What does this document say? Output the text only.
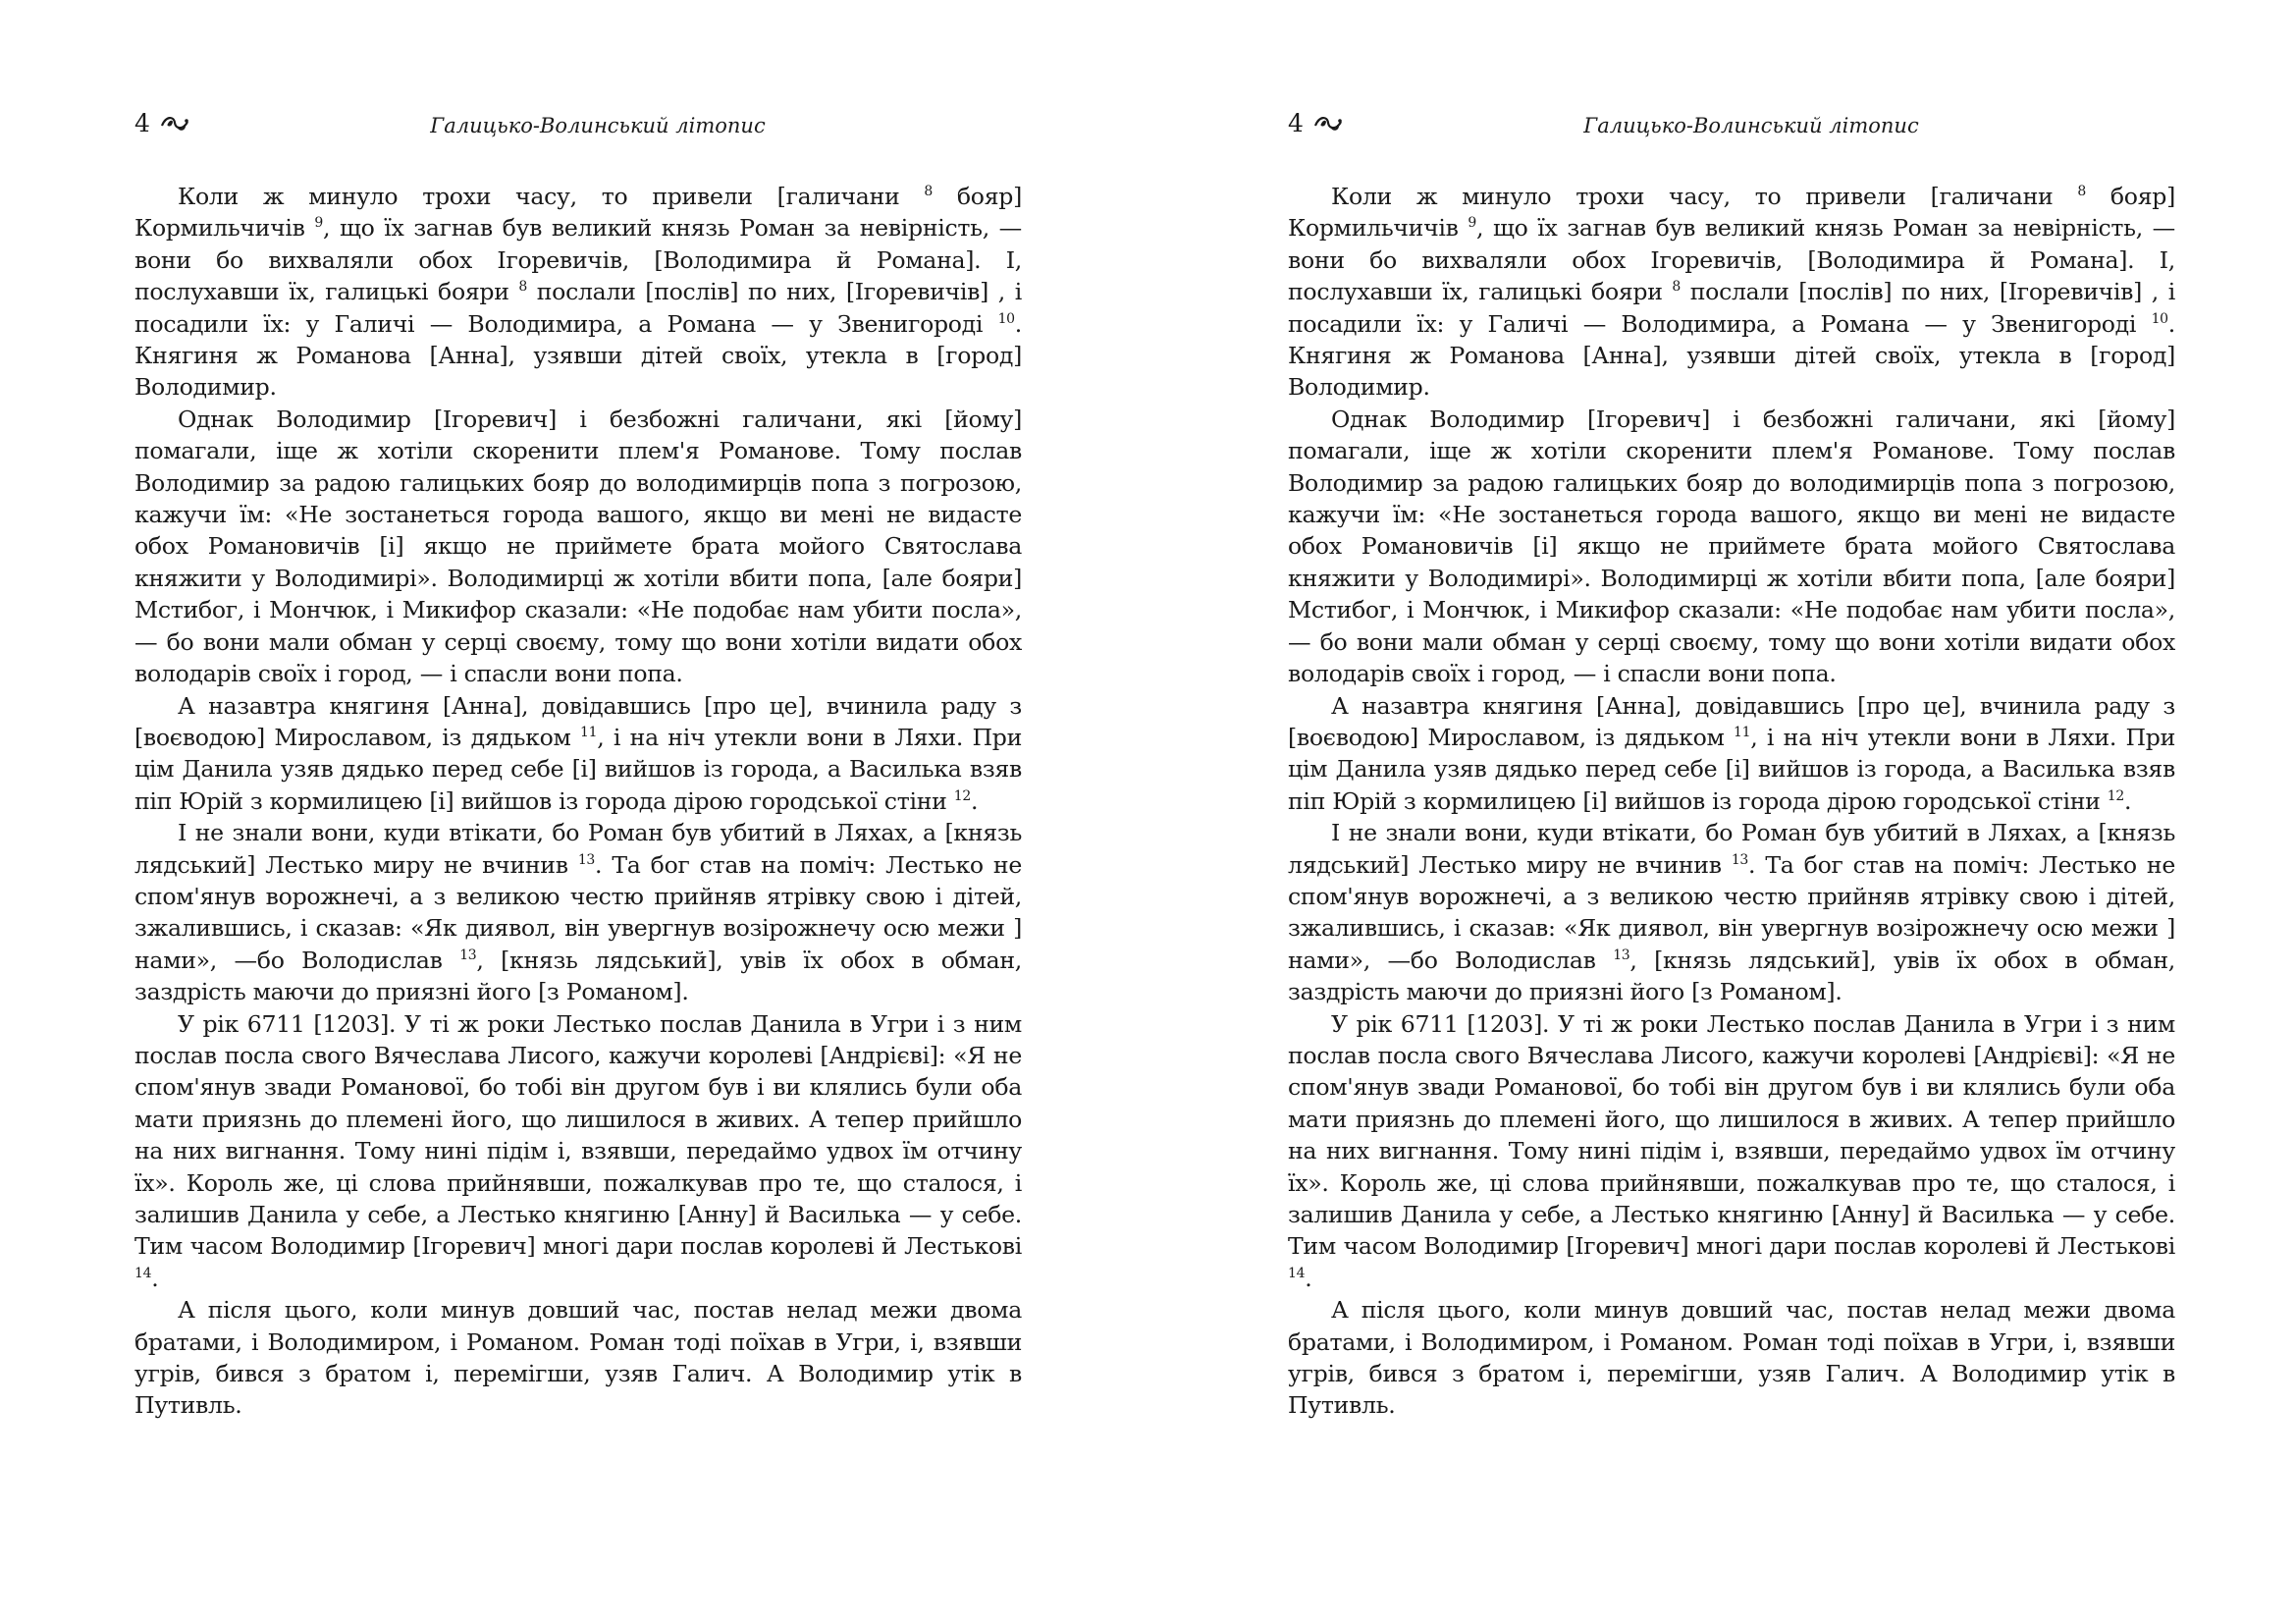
4	Галицько-Волинський літопис

Коли ж минуло трохи часу, то привели [галичани $^8$ бояр] Кормильчичів $^9$, що їх загнав був великий князь Роман за невірність, — вони бо вихваляли обох Ігоревичів, [Володимира й Романа]. І, послухавши їх, галицькі бояри $^8$ послали [послів] по них, [Ігоревичів] , і посадили їх: у Галичі — Володимира, а Романа — у Звенигороді $^{10}$. Княгиня ж Романова [Анна], узявши дітей своїх, утекла в [город] Володимир.

Однак Володимир [Ігоревич] і безбожні галичани, які [йому] помагали, іще ж хотіли скоренити плем'я Романове. Тому послав Володимир за радою галицьких бояр до володимирців попа з погрозою, кажучи їм: «Не зостанеться города вашого, якщо ви мені не видасте обох Романовичів [і] якщо не приймете брата мойого Святослава княжити у Володимирі». Володимирці ж хотіли вбити попа, [але бояри] Мстибог, і Мончюк, і Микифор сказали: «Не подобає нам убити посла», — бо вони мали обман у серці своєму, тому що вони хотіли видати обох володарів своїх і город, — і спасли вони попа.

А назавтра княгиня [Анна], довідавшись [про це], вчинила раду з [воєводою] Мирославом, із дядьком $^{11}$, і на ніч утекли вони в Ляхи. При цім Данила узяв дядько перед себе [і] вийшов із города, а Василька взяв піп Юрій з кормилицею [і] вийшов із города дірою городської стіни $^{12}$.

І не знали вони, куди втікати, бо Роман був убитий в Ляхах, а [князь лядський] Лестько миру не вчинив $^{13}$. Та бог став на поміч: Лестько не спом'янув ворожнечі, а з великою честю прийняв ятрівку свою і дітей, зжалившись, і сказав: «Як диявол, він увергнув возірожнечу осю межи ] нами», —бо Володислав $^{13}$, [князь лядський], увів їх обох в обман, заздрість маючи до приязні його [з Романом].

У рік 6711 [1203]. У ті ж роки Лестько послав Данила в Угри і з ним послав посла свого Вячеслава Лисого, кажучи королеві [Андрієві]: «Я не спом'янув звади Романової, бо тобі він другом був і ви клялись були оба мати приязнь до племені його, що лишилося в живих. А тепер прийшло на них вигнання. Тому нині підім і, взявши, передаймо удвох їм отчину їх». Король же, ці слова прийнявши, пожалкував про те, що сталося, і залишив Данила у себе, а Лестько княгиню [Анну] й Василька — у себе. Тим часом Володимир [Ігоревич] многі дари послав королеві й Лестькові $^{14}$.

А після цього, коли минув довший час, постав нелад межи двома братами, і Володимиром, і Романом. Роман тоді поїхав в Угри, і, взявши угрів, бився з братом і, перемігши, узяв Галич. А Володимир утік в Путивль.

4	Галицько-Волинський літопис

Коли ж минуло трохи часу, то привели [галичани $^8$ бояр] Кормильчичів $^9$, що їх загнав був великий князь Роман за невірність, — вони бо вихваляли обох Ігоревичів, [Володимира й Романа]. І, послухавши їх, галицькі бояри $^8$ послали [послів] по них, [Ігоревичів] , і посадили їх: у Галичі — Володимира, а Романа — у Звенигороді $^{10}$. Княгиня ж Романова [Анна], узявши дітей своїх, утекла в [город] Володимир.

Однак Володимир [Ігоревич] і безбожні галичани, які [йому] помагали, іще ж хотіли скоренити плем'я Романове. Тому послав Володимир за радою галицьких бояр до володимирців попа з погрозою, кажучи їм: «Не зостанеться города вашого, якщо ви мені не видасте обох Романовичів [і] якщо не приймете брата мойого Святослава княжити у Володимирі». Володимирці ж хотіли вбити попа, [але бояри] Мстибог, і Мончюк, і Микифор сказали: «Не подобає нам убити посла», — бо вони мали обман у серці своєму, тому що вони хотіли видати обох володарів своїх і город, — і спасли вони попа.

А назавтра княгиня [Анна], довідавшись [про це], вчинила раду з [воєводою] Мирославом, із дядьком $^{11}$, і на ніч утекли вони в Ляхи. При цім Данила узяв дядько перед себе [і] вийшов із города, а Василька взяв піп Юрій з кормилицею [і] вийшов із города дірою городської стіни $^{12}$.

І не знали вони, куди втікати, бо Роман був убитий в Ляхах, а [князь лядський] Лестько миру не вчинив $^{13}$. Та бог став на поміч: Лестько не спом'янув ворожнечі, а з великою честю прийняв ятрівку свою і дітей, зжалившись, і сказав: «Як диявол, він увергнув возірожнечу осю межи ] нами», —бо Володислав $^{13}$, [князь лядський], увів їх обох в обман, заздрість маючи до приязні його [з Романом].

У рік 6711 [1203]. У ті ж роки Лестько послав Данила в Угри і з ним послав посла свого Вячеслава Лисого, кажучи королеві [Андрієві]: «Я не спом'янув звади Романової, бо тобі він другом був і ви клялись були оба мати приязнь до племені його, що лишилося в живих. А тепер прийшло на них вигнання. Тому нині підім і, взявши, передаймо удвох їм отчину їх». Король же, ці слова прийнявши, пожалкував про те, що сталося, і залишив Данила у себе, а Лестько княгиню [Анну] й Василька — у себе. Тим часом Володимир [Ігоревич] многі дари послав королеві й Лестькові $^{14}$.

А після цього, коли минув довший час, постав нелад межи двома братами, і Володимиром, і Романом. Роман тоді поїхав в Угри, і, взявши угрів, бився з братом і, перемігши, узяв Галич. А Володимир утік в Путивль.
